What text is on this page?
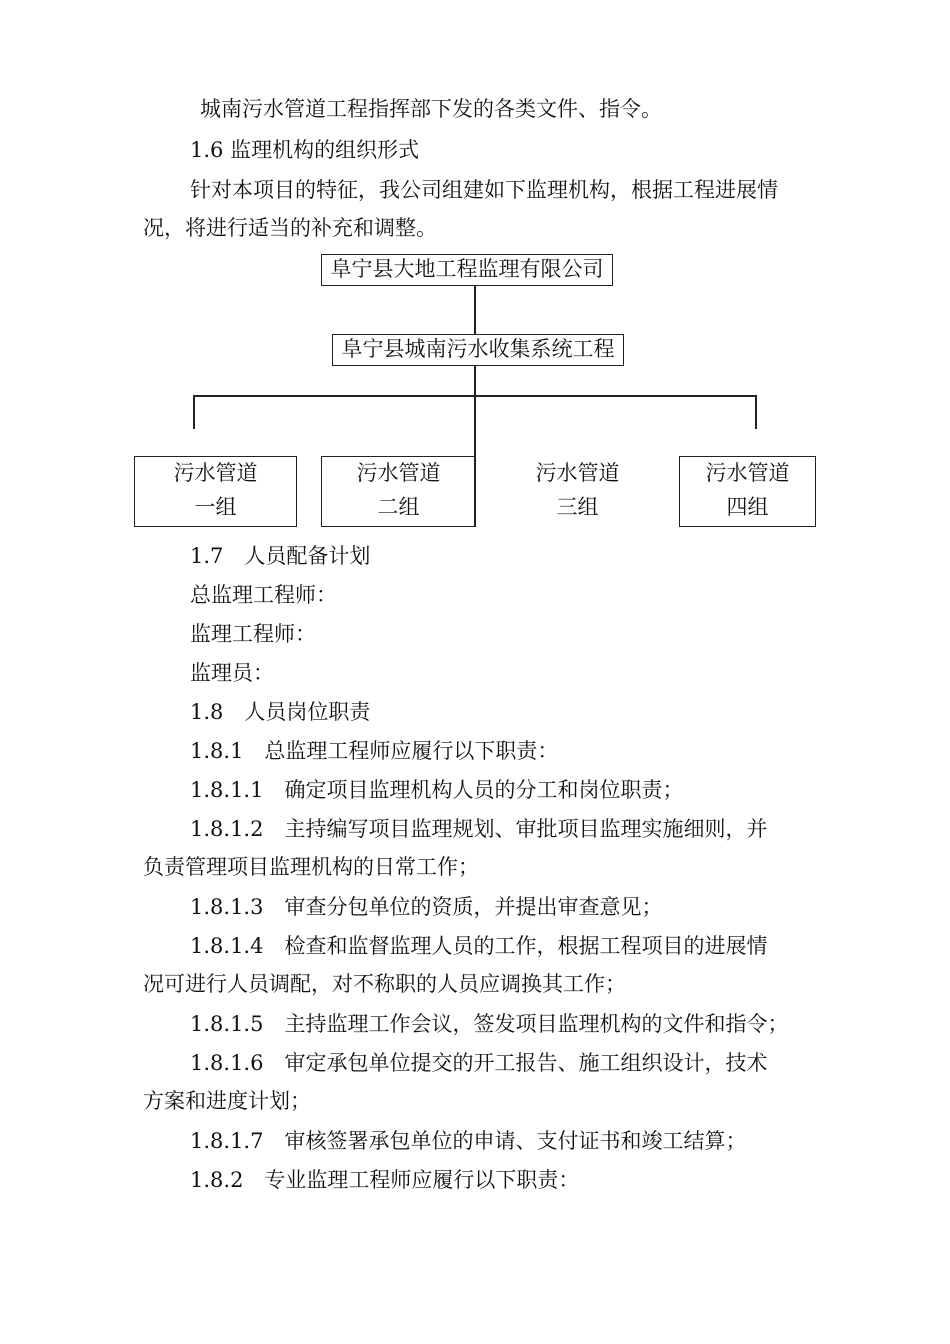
城南污水管道工程指挥部下发的各类文件、指令。
1.6 监理机构的组织形式
针对本项目的特征，我公司组建如下监理机构，根据工程进展情
况，将进行适当的补充和调整。
阜宁县大地工程监理有限公司
阜宁县城南污水收集系统工程
污水管道
一组
污水管道
二组
污水管道
三组
污水管道
四组
1.7　人员配备计划
总监理工程师：
监理工程师：
监理员：
1.8　人员岗位职责
1.8.1　总监理工程师应履行以下职责：
1.8.1.1　确定项目监理机构人员的分工和岗位职责；
1.8.1.2　主持编写项目监理规划、审批项目监理实施细则，并
负责管理项目监理机构的日常工作；
1.8.1.3　审查分包单位的资质，并提出审查意见；
1.8.1.4　检查和监督监理人员的工作，根据工程项目的进展情
况可进行人员调配，对不称职的人员应调换其工作；
1.8.1.5　主持监理工作会议，签发项目监理机构的文件和指令；
1.8.1.6　审定承包单位提交的开工报告、施工组织设计，技术
方案和进度计划；
1.8.1.7　审核签署承包单位的申请、支付证书和竣工结算；
1.8.2　专业监理工程师应履行以下职责：
